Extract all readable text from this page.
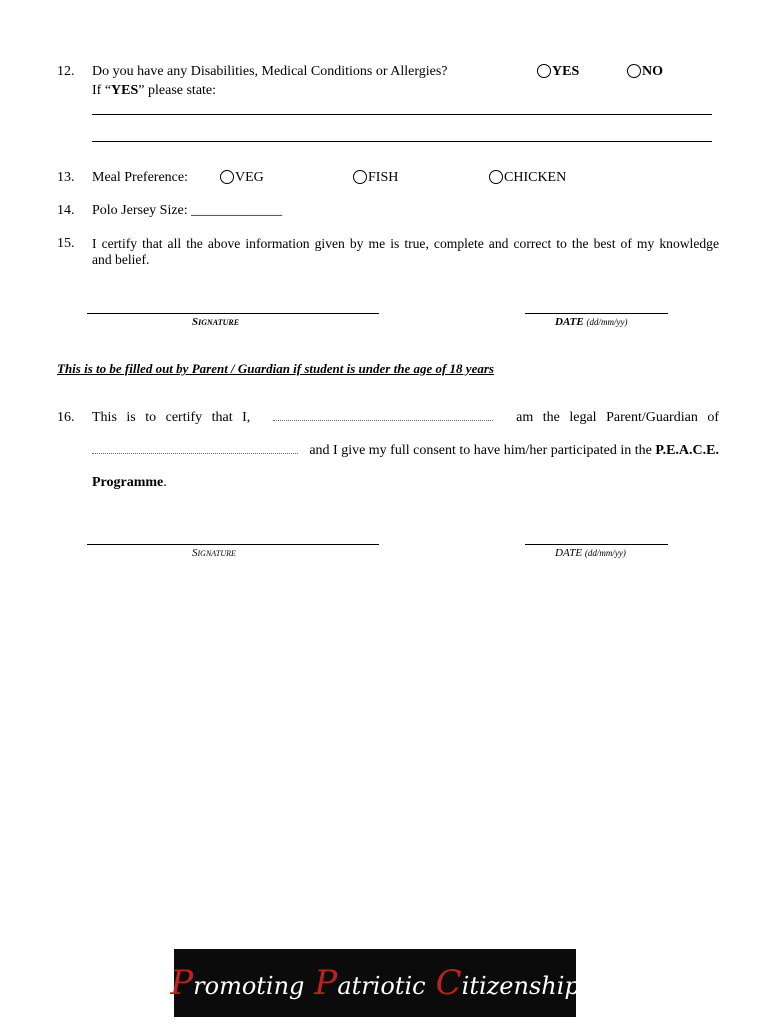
12. Do you have any Disabilities, Medical Conditions or Allergies?
If “YES” please state:
YES	NO
13. Meal Preference:	VEG	FISH	CHICKEN
14. Polo Jersey Size: _____________
15. I certify that all the above information given by me is true, complete and correct to the best of my knowledge
and belief.
SIGNATURE	DATE (dd/mm/yy)
This is to be filled out by Parent / Guardian if student is under the age of 18 years
16. This is to certify that I,	am the legal Parent/Guardian of
and I give my full consent to have him/her participated in the P.E.A.C.E.
Programme.
SIGNATURE	DATE (dd/mm/yy)
Promoting Patriotic Citizenship
